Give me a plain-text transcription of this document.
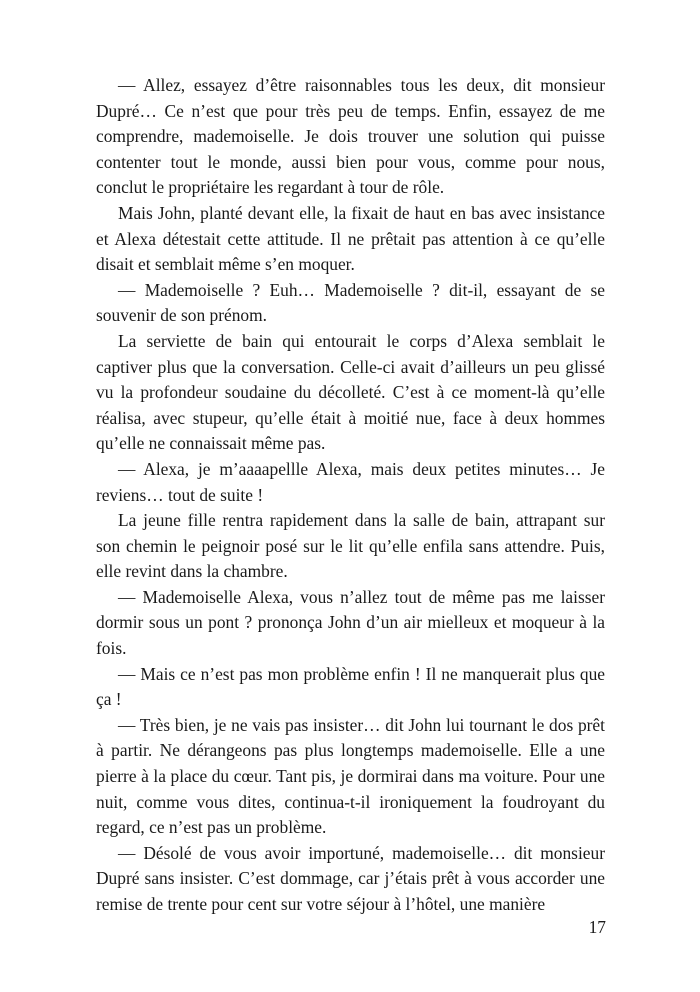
— Allez, essayez d’être raisonnables tous les deux, dit monsieur Dupré… Ce n’est que pour très peu de temps. Enfin, essayez de me comprendre, mademoiselle. Je dois trouver une solution qui puisse contenter tout le monde, aussi bien pour vous, comme pour nous, conclut le propriétaire les regardant à tour de rôle.

Mais John, planté devant elle, la fixait de haut en bas avec insistance et Alexa détestait cette attitude. Il ne prêtait pas attention à ce qu’elle disait et semblait même s’en moquer.

— Mademoiselle ? Euh… Mademoiselle ? dit-il, essayant de se souvenir de son prénom.

La serviette de bain qui entourait le corps d’Alexa semblait le captiver plus que la conversation. Celle-ci avait d’ailleurs un peu glissé vu la profondeur soudaine du décolleté. C’est à ce moment-là qu’elle réalisa, avec stupeur, qu’elle était à moitié nue, face à deux hommes qu’elle ne connaissait même pas.

— Alexa, je m’aaaapellle Alexa, mais deux petites minutes… Je reviens… tout de suite !

La jeune fille rentra rapidement dans la salle de bain, attrapant sur son chemin le peignoir posé sur le lit qu’elle enfila sans attendre. Puis, elle revint dans la chambre.

— Mademoiselle Alexa, vous n’allez tout de même pas me laisser dormir sous un pont ? prononça John d’un air mielleux et moqueur à la fois.

— Mais ce n’est pas mon problème enfin ! Il ne manquerait plus que ça !

— Très bien, je ne vais pas insister… dit John lui tournant le dos prêt à partir. Ne dérangeons pas plus longtemps mademoiselle. Elle a une pierre à la place du cœur. Tant pis, je dormirai dans ma voiture. Pour une nuit, comme vous dites, continua-t-il ironiquement la foudroyant du regard, ce n’est pas un problème.

— Désolé de vous avoir importuné, mademoiselle… dit monsieur Dupré sans insister. C’est dommage, car j’étais prêt à vous accorder une remise de trente pour cent sur votre séjour à l’hôtel, une manière

17
